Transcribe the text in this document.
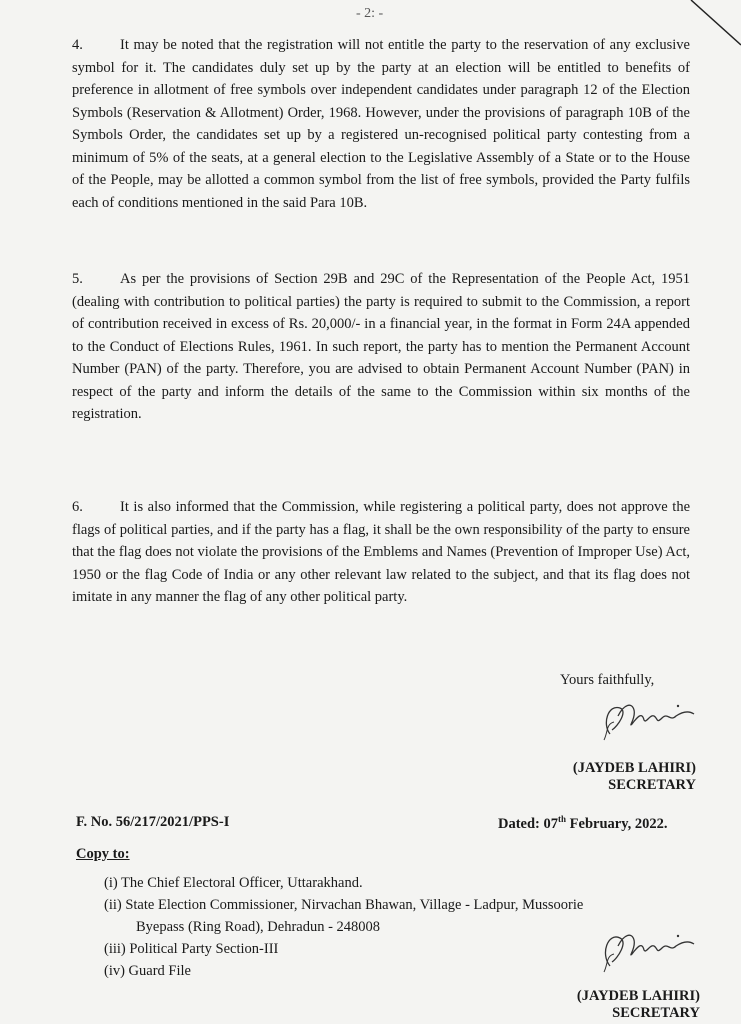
- 2: -
4.	It may be noted that the registration will not entitle the party to the reservation of any exclusive symbol for it. The candidates duly set up by the party at an election will be entitled to benefits of preference in allotment of free symbols over independent candidates under paragraph 12 of the Election Symbols (Reservation & Allotment) Order, 1968. However, under the provisions of paragraph 10B of the Symbols Order, the candidates set up by a registered un-recognised political party contesting from a minimum of 5% of the seats, at a general election to the Legislative Assembly of a State or to the House of the People, may be allotted a common symbol from the list of free symbols, provided the Party fulfils each of conditions mentioned in the said Para 10B.
5.	As per the provisions of Section 29B and 29C of the Representation of the People Act, 1951 (dealing with contribution to political parties) the party is required to submit to the Commission, a report of contribution received in excess of Rs. 20,000/- in a financial year, in the format in Form 24A appended to the Conduct of Elections Rules, 1961. In such report, the party has to mention the Permanent Account Number (PAN) of the party. Therefore, you are advised to obtain Permanent Account Number (PAN) in respect of the party and inform the details of the same to the Commission within six months of the registration.
6.	It is also informed that the Commission, while registering a political party, does not approve the flags of political parties, and if the party has a flag, it shall be the own responsibility of the party to ensure that the flag does not violate the provisions of the Emblems and Names (Prevention of Improper Use) Act, 1950 or the flag Code of India or any other relevant law related to the subject, and that its flag does not imitate in any manner the flag of any other political party.
Yours faithfully,
(JAYDEB LAHIRI)
SECRETARY
F. No. 56/217/2021/PPS-I	Dated: 07th February, 2022.
Copy to:
(i) The Chief Electoral Officer, Uttarakhand.
(ii) State Election Commissioner, Nirvachan Bhawan, Village - Ladpur, Mussoorie
Byepass (Ring Road), Dehradun - 248008
(iii) Political Party Section-III
(iv) Guard File
(JAYDEB LAHIRI)
SECRETARY
